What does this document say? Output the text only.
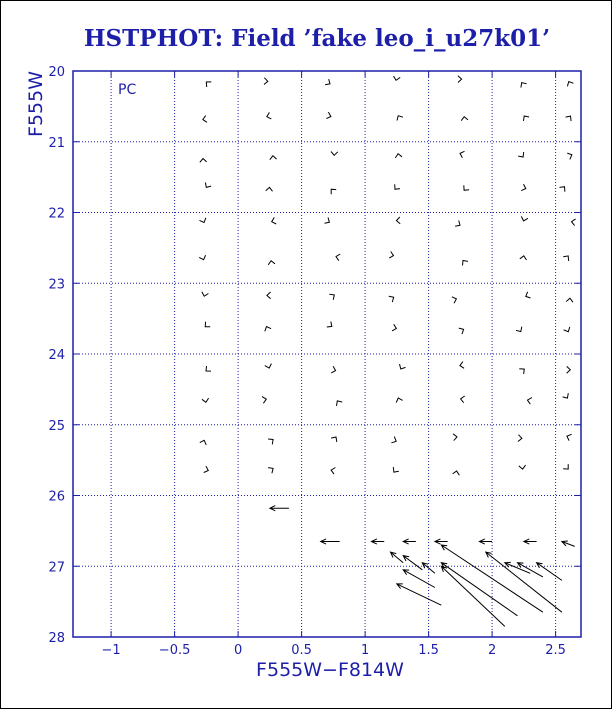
HSTPHOT: Field ’fake leo_i_u27k01’
−1	−0.5	0	0.5	1	1.5	2	2.5
20
21
22
23
24
25
26
27
28
F555W−F814W
F555W	PC
